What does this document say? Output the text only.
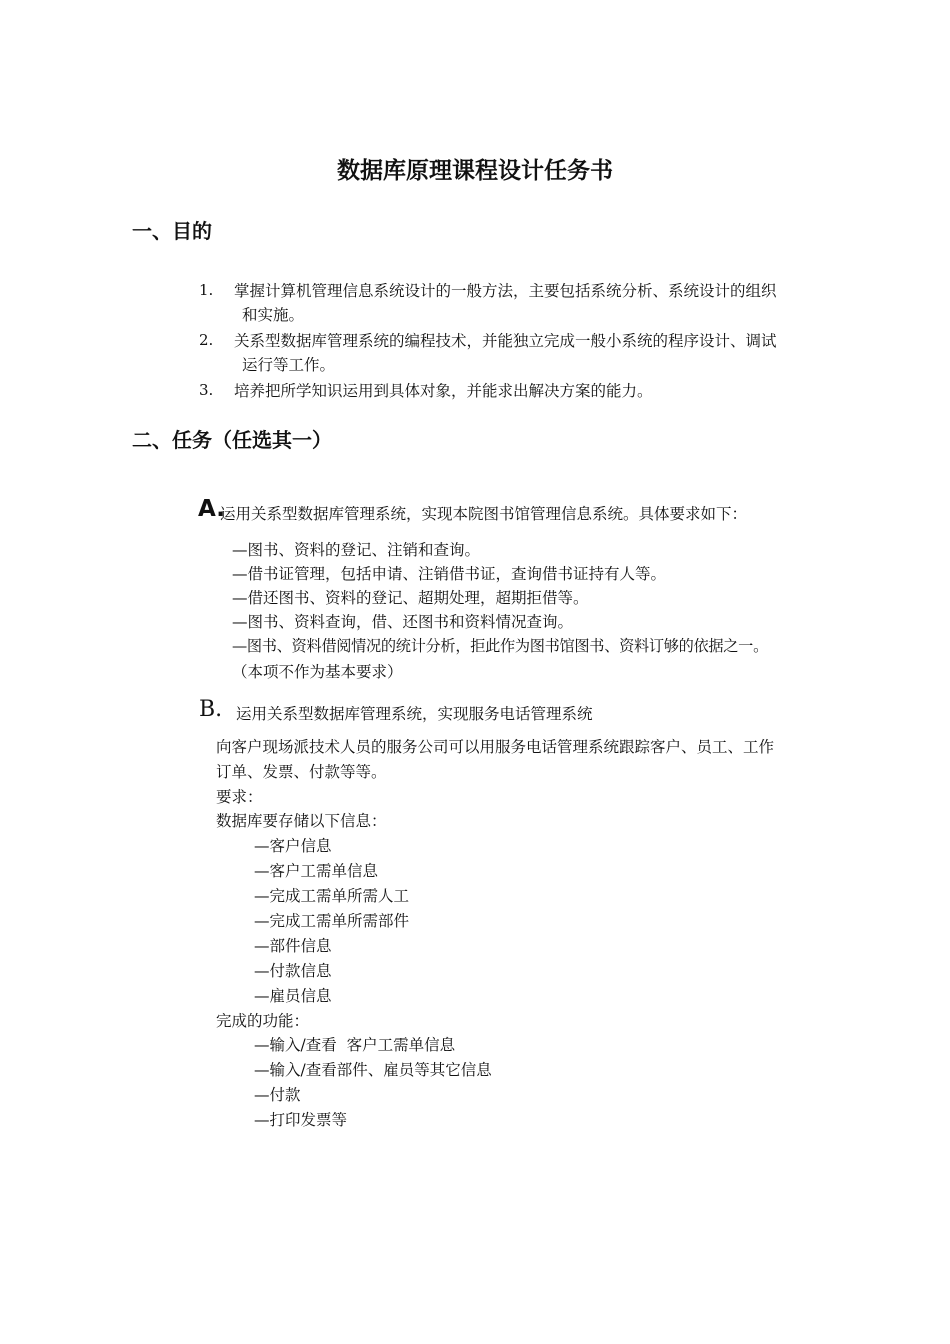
数据库原理课程设计任务书
一、目的
1. 掌握计算机管理信息系统设计的一般方法，主要包括系统分析、系统设计的组织
和实施。
2. 关系型数据库管理系统的编程技术，并能独立完成一般小系统的程序设计、调试
运行等工作。
3. 培养把所学知识运用到具体对象，并能求出解决方案的能力。
二、任务（任选其一）
A.
运用关系型数据库管理系统，实现本院图书馆管理信息系统。具体要求如下：
—图书、资料的登记、注销和查询。
—借书证管理，包括申请、注销借书证，查询借书证持有人等。
—借还图书、资料的登记、超期处理，超期拒借等。
—图书、资料查询，借、还图书和资料情况查询。
—图书、资料借阅情况的统计分析，拒此作为图书馆图书、资料订够的依据之一。
（本项不作为基本要求）
B. 运用关系型数据库管理系统，实现服务电话管理系统
向客户现场派技术人员的服务公司可以用服务电话管理系统跟踪客户、员工、工作
订单、发票、付款等等。
要求：
数据库要存储以下信息：
—客户信息
—客户工需单信息
—完成工需单所需人工
—完成工需单所需部件
—部件信息
—付款信息
—雇员信息
完成的功能：
—输入/查看  客户工需单信息
—输入/查看部件、雇员等其它信息
—付款
—打印发票等
